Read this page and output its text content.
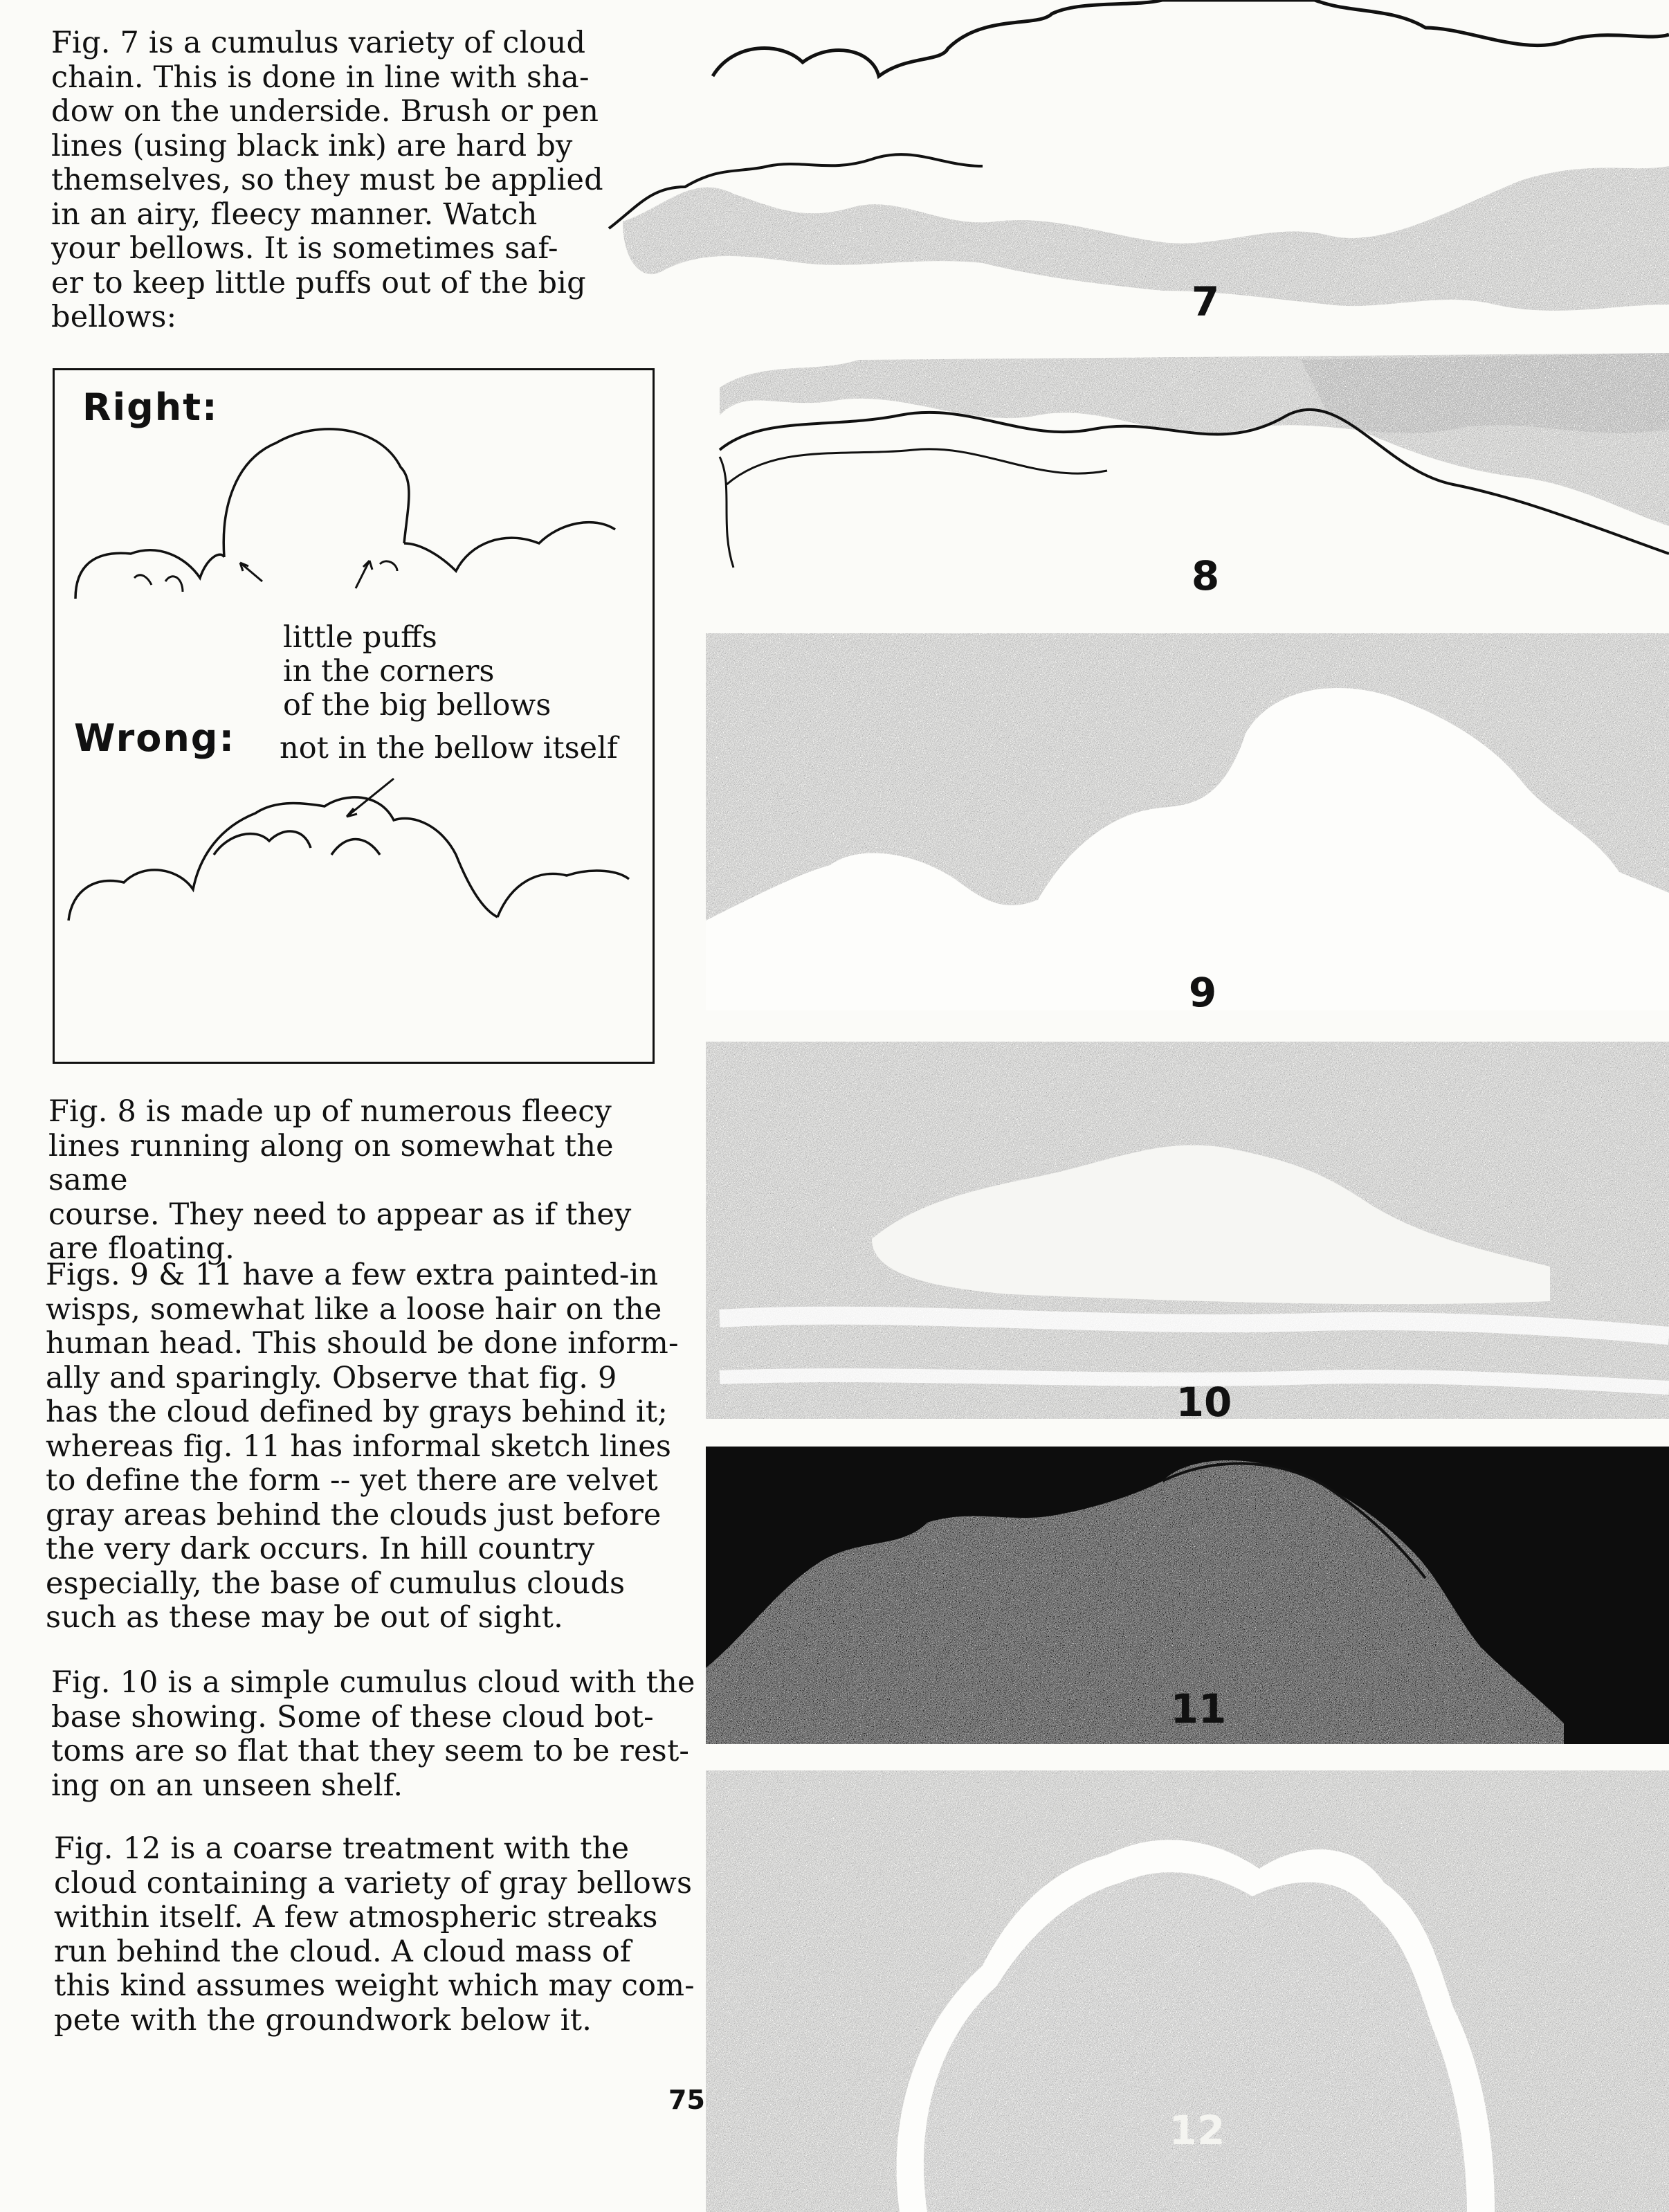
Fig. 7 is a cumulus variety of cloud
chain. This is done in line with sha-
dow on the underside. Brush or pen
lines (using black ink) are hard by
themselves, so they must be applied
in an airy, fleecy manner. Watch
your bellows. It is sometimes saf-
er to keep little puffs out of the big
bellows:

Right:

little puffs
in the corners
of the big bellows

Wrong: not in the bellow itself

Fig. 8 is made up of numerous fleecy
lines running along on somewhat the same
course. They need to appear as if they
are floating.

Figs. 9 & 11 have a few extra painted-in
wisps, somewhat like a loose hair on the
human head. This should be done inform-
ally and sparingly. Observe that fig. 9
has the cloud defined by grays behind it;
whereas fig. 11 has informal sketch lines
to define the form -- yet there are velvet
gray areas behind the clouds just before
the very dark occurs. In hill country
especially, the base of cumulus clouds
such as these may be out of sight.

Fig. 10 is a simple cumulus cloud with the
base showing. Some of these cloud bot-
toms are so flat that they seem to be rest-
ing on an unseen shelf.

Fig. 12 is a coarse treatment with the
cloud containing a variety of gray bellows
within itself. A few atmospheric streaks
run behind the cloud. A cloud mass of
this kind assumes weight which may com-
pete with the groundwork below it.

7
8
9
10
11
12
75
